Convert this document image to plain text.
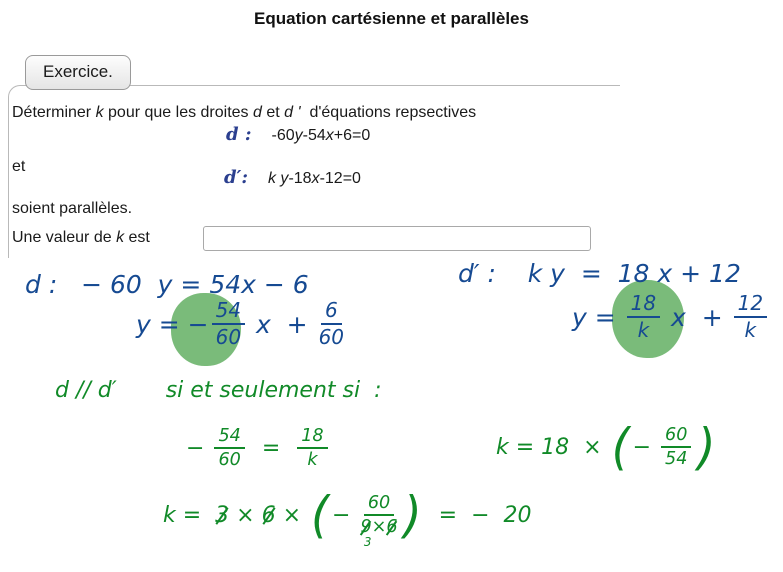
Equation cartésienne et parallèles
Exercice.
Déterminer k pour que les droites d et d '  d'équations repsectives
d : -60y-54x+6=0
et
d′: k y-18x-12=0
soient parallèles.
Une valeur de k est
d :   − 60  y = 54x − 6
y = − $\frac{54}{60}$ $x + \frac{6}{60}$
d′ :    k y  =  18 x + 12
$y = \frac{18}{k}$ $x + \frac{12}{k}$
d // d′       si et seulement si  :
− $\frac{54}{60} = \frac{18}{k}$	k = 18  × ( − $\frac{60}{54}$ )
k = 3 × 6 × ( − 60
9
3
×6 ) =  −  20
